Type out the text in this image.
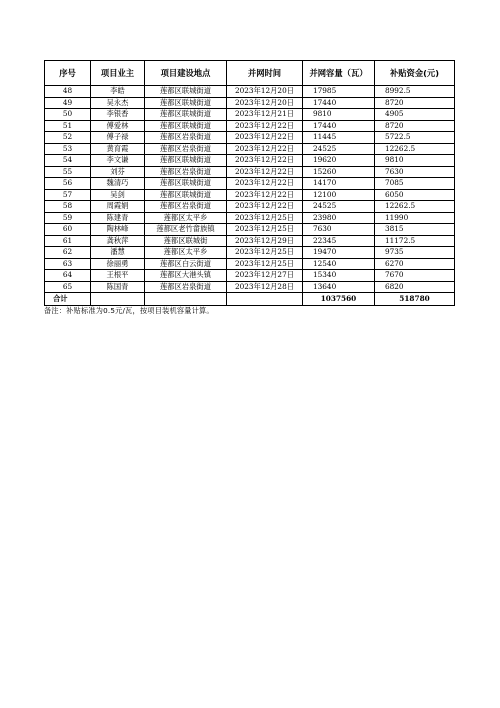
序号	项目业主	项目建设地点	并网时间	并网容量（瓦）	补贴资金(元)
48	李皓	莲都区联城街道	2023年12月20日	17985	8992.5
49	吴永杰	莲都区联城街道	2023年12月20日	17440	8720
50	李银香	莲都区联城街道	2023年12月21日	9810	4905
51	傅爱林	莲都区联城街道	2023年12月22日	17440	8720
52	傅子禄	莲都区岩泉街道	2023年12月22日	11445	5722.5
53	黄育霞	莲都区岩泉街道	2023年12月22日	24525	12262.5
54	李文谦	莲都区联城街道	2023年12月22日	19620	9810
55	刘芬	莲都区岩泉街道	2023年12月22日	15260	7630
56	魏清巧	莲都区联城街道	2023年12月22日	14170	7085
57	吴剑	莲都区联城街道	2023年12月22日	12100	6050
58	周霞娟	莲都区岩泉街道	2023年12月22日	24525	12262.5
59	陈建青	莲都区太平乡	2023年12月25日	23980	11990
60	陶林峰	莲都区老竹畲族镇	2023年12月25日	7630	3815
61	龚秋萍	莲都区联城街	2023年12月29日	22345	11172.5
62	潘慧	莲都区太平乡	2023年12月25日	19470	9735
63	徐丽勇	莲都区白云街道	2023年12月25日	12540	6270
64	王根平	莲都区大港头镇	2023年12月27日	15340	7670
65	陈国青	莲都区岩泉街道	2023年12月28日	13640	6820
合计				1037560	518780
备注：补贴标准为0.5元/瓦，按项目装机容量计算。
